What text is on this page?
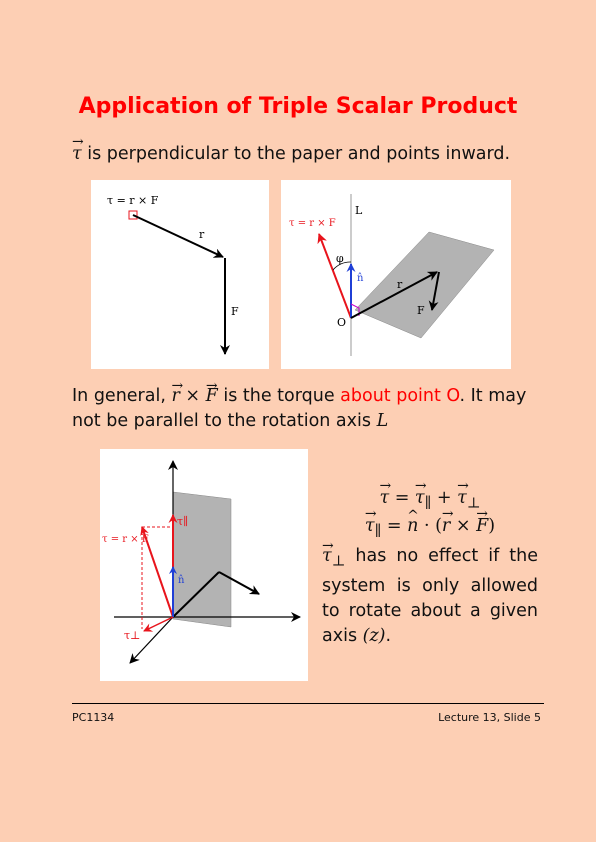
Application of Triple Scalar Product
→ τ is perpendicular to the paper and points inward.
τ = r × F
r
F
L
τ = r × F
φ
n̂	r
F
O
In general, → r × → F is the torque about point O. It may not be parallel to the rotation axis L
τ = r × F
τ∥
n̂
τ⊥
→ τ = → $\tau_\parallel$ + → $\tau_\perp$
→ $\tau_\parallel$ = ^ n · (→ r × → F)
→ $\tau_\perp$ has no effect if the system is only allowed to rotate about a given axis (z).
PC1134	Lecture 13, Slide 5
